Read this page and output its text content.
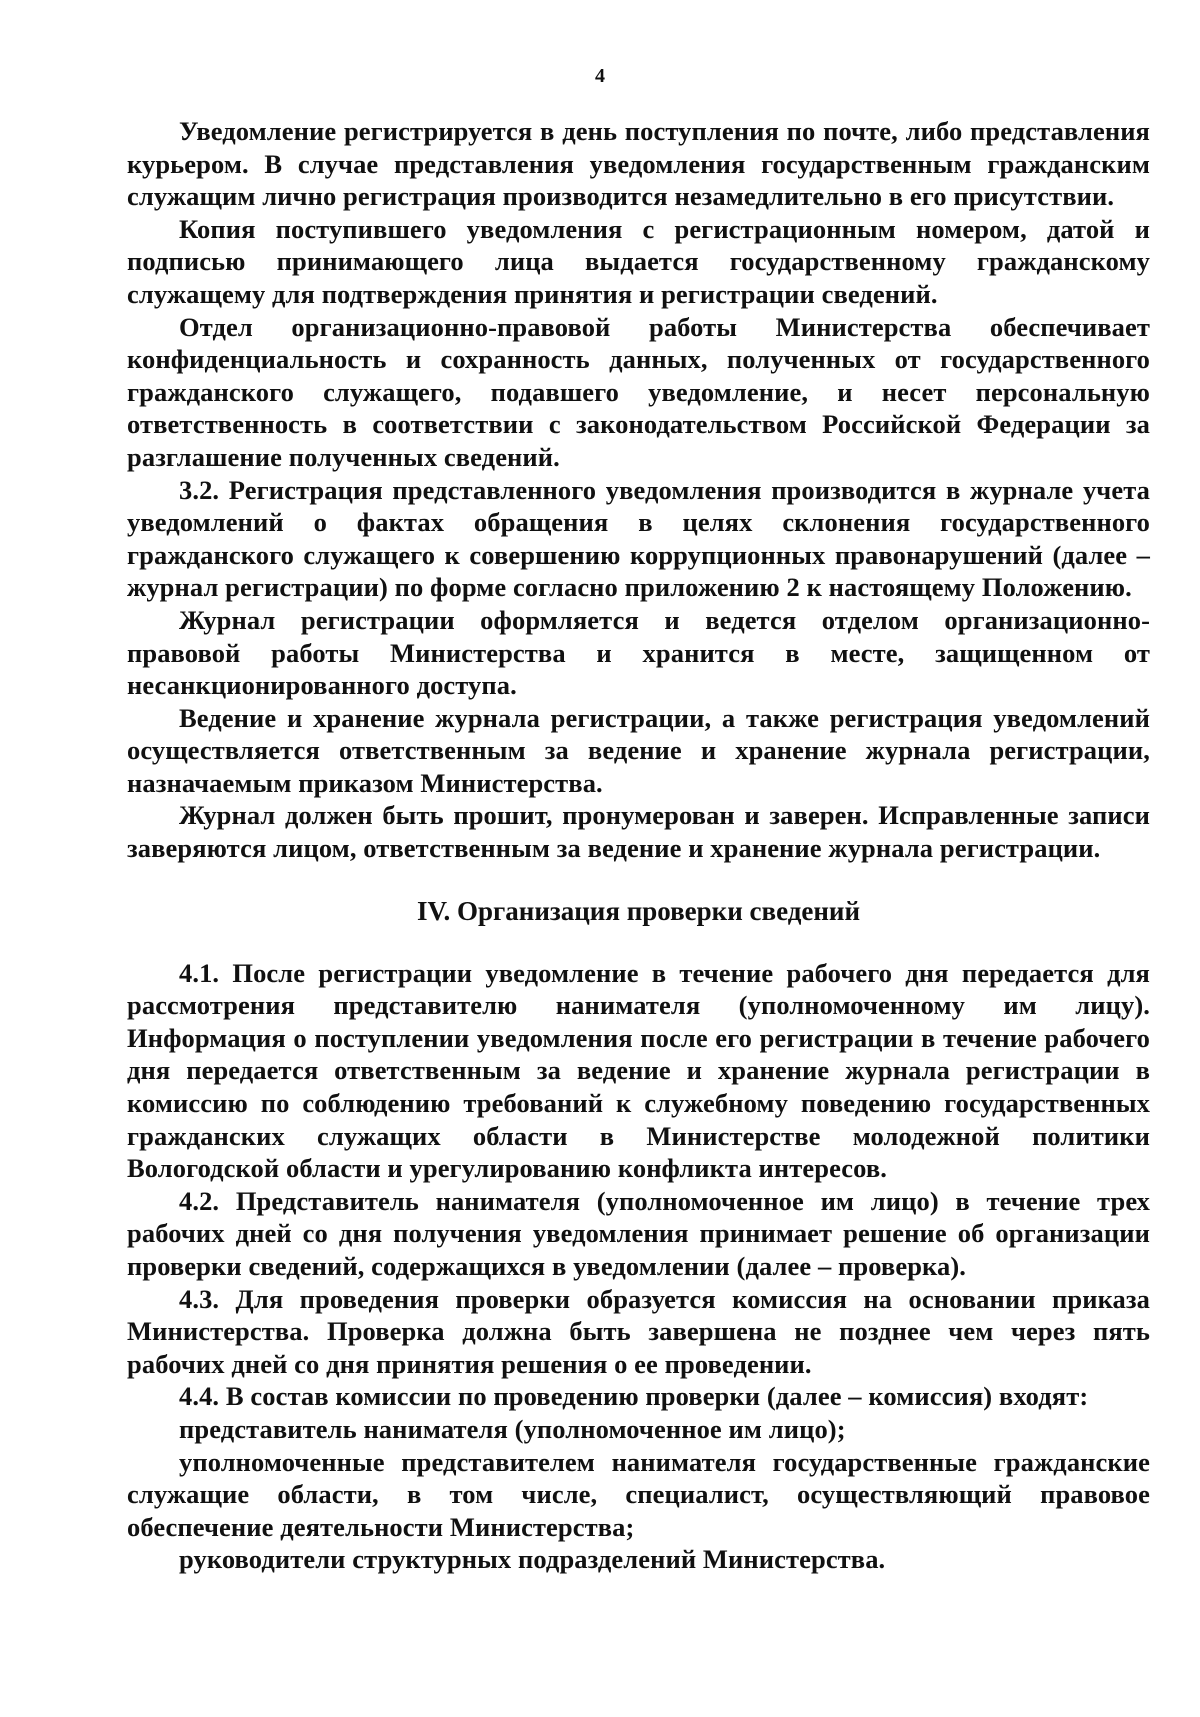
4

Уведомление регистрируется в день поступления по почте, либо представления курьером. В случае представления уведомления государственным гражданским служащим лично регистрация производится незамедлительно в его присутствии.

Копия поступившего уведомления с регистрационным номером, датой и подписью принимающего лица выдается государственному гражданскому служащему для подтверждения принятия и регистрации сведений.

Отдел организационно-правовой работы Министерства обеспечивает конфиденциальность и сохранность данных, полученных от государственного гражданского служащего, подавшего уведомление, и несет персональную ответственность в соответствии с законодательством Российской Федерации за разглашение полученных сведений.

3.2. Регистрация представленного уведомления производится в журнале учета уведомлений о фактах обращения в целях склонения государственного гражданского служащего к совершению коррупционных правонарушений (далее – журнал регистрации) по форме согласно приложению 2 к настоящему Положению.

Журнал регистрации оформляется и ведется отделом организационно-правовой работы Министерства и хранится в месте, защищенном от несанкционированного доступа.

Ведение и хранение журнала регистрации, а также регистрация уведомлений осуществляется ответственным за ведение и хранение журнала регистрации, назначаемым приказом Министерства.

Журнал должен быть прошит, пронумерован и заверен. Исправленные записи заверяются лицом, ответственным за ведение и хранение журнала регистрации.

IV. Организация проверки сведений

4.1. После регистрации уведомление в течение рабочего дня передается для рассмотрения представителю нанимателя (уполномоченному им лицу). Информация о поступлении уведомления после его регистрации в течение рабочего дня передается ответственным за ведение и хранение журнала регистрации в комиссию по соблюдению требований к служебному поведению государственных гражданских служащих области в Министерстве молодежной политики Вологодской области и урегулированию конфликта интересов.

4.2. Представитель нанимателя (уполномоченное им лицо) в течение трех рабочих дней со дня получения уведомления принимает решение об организации проверки сведений, содержащихся в уведомлении (далее – проверка).

4.3. Для проведения проверки образуется комиссия на основании приказа Министерства. Проверка должна быть завершена не позднее чем через пять рабочих дней со дня принятия решения о ее проведении.

4.4. В состав комиссии по проведению проверки (далее – комиссия) входят:

представитель нанимателя (уполномоченное им лицо);

уполномоченные представителем нанимателя государственные гражданские служащие области, в том числе, специалист, осуществляющий правовое обеспечение деятельности Министерства;

руководители структурных подразделений Министерства.
